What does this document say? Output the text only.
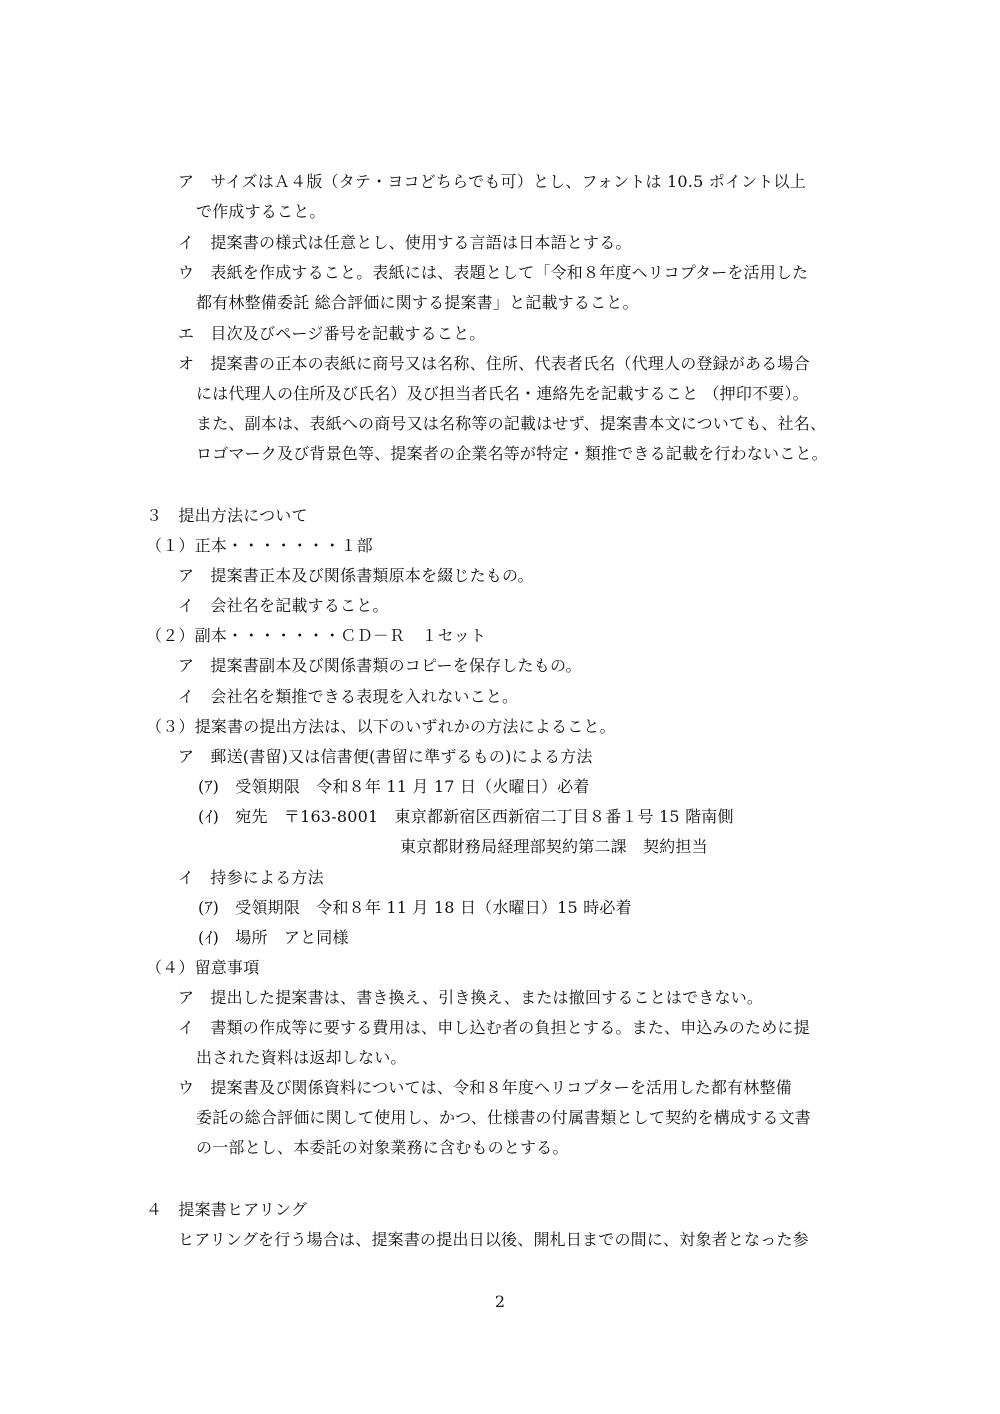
ア　サイズはＡ４版（タテ・ヨコどちらでも可）とし、フォントは 10.5 ポイント以上
で作成すること。
イ　提案書の様式は任意とし、使用する言語は日本語とする。
ウ　表紙を作成すること。表紙には、表題として「令和８年度ヘリコプターを活用した
都有林整備委託 総合評価に関する提案書」と記載すること。
エ　目次及びページ番号を記載すること。
オ　提案書の正本の表紙に商号又は名称、住所、代表者氏名（代理人の登録がある場合
には代理人の住所及び氏名）及び担当者氏名・連絡先を記載すること （押印不要）。
また、副本は、表紙への商号又は名称等の記載はせず、提案書本文についても、社名、
ロゴマーク及び背景色等、提案者の企業名等が特定・類推できる記載を行わないこと。
３　提出方法について
（１）正本・・・・・・・１部
ア　提案書正本及び関係書類原本を綴じたもの。
イ　会社名を記載すること。
（２）副本・・・・・・・ＣＤ－Ｒ　１セット
ア　提案書副本及び関係書類のコピーを保存したもの。
イ　会社名を類推できる表現を入れないこと。
（３）提案書の提出方法は、以下のいずれかの方法によること。
ア　郵送(書留)又は信書便(書留に準ずるもの)による方法
(ｱ)　受領期限　令和８年 11 月 17 日（火曜日）必着
(ｲ)　宛先　〒163-8001　東京都新宿区西新宿二丁目８番１号 15 階南側
東京都財務局経理部契約第二課　契約担当
イ　持参による方法
(ｱ)　受領期限　令和８年 11 月 18 日（水曜日）15 時必着
(ｲ)　場所　アと同様
（４）留意事項
ア　提出した提案書は、書き換え、引き換え、または撤回することはできない。
イ　書類の作成等に要する費用は、申し込む者の負担とする。また、申込みのために提
出された資料は返却しない。
ウ　提案書及び関係資料については、令和８年度ヘリコプターを活用した都有林整備
委託の総合評価に関して使用し、かつ、仕様書の付属書類として契約を構成する文書
の一部とし、本委託の対象業務に含むものとする。
４　提案書ヒアリング
ヒアリングを行う場合は、提案書の提出日以後、開札日までの間に、対象者となった参
2
